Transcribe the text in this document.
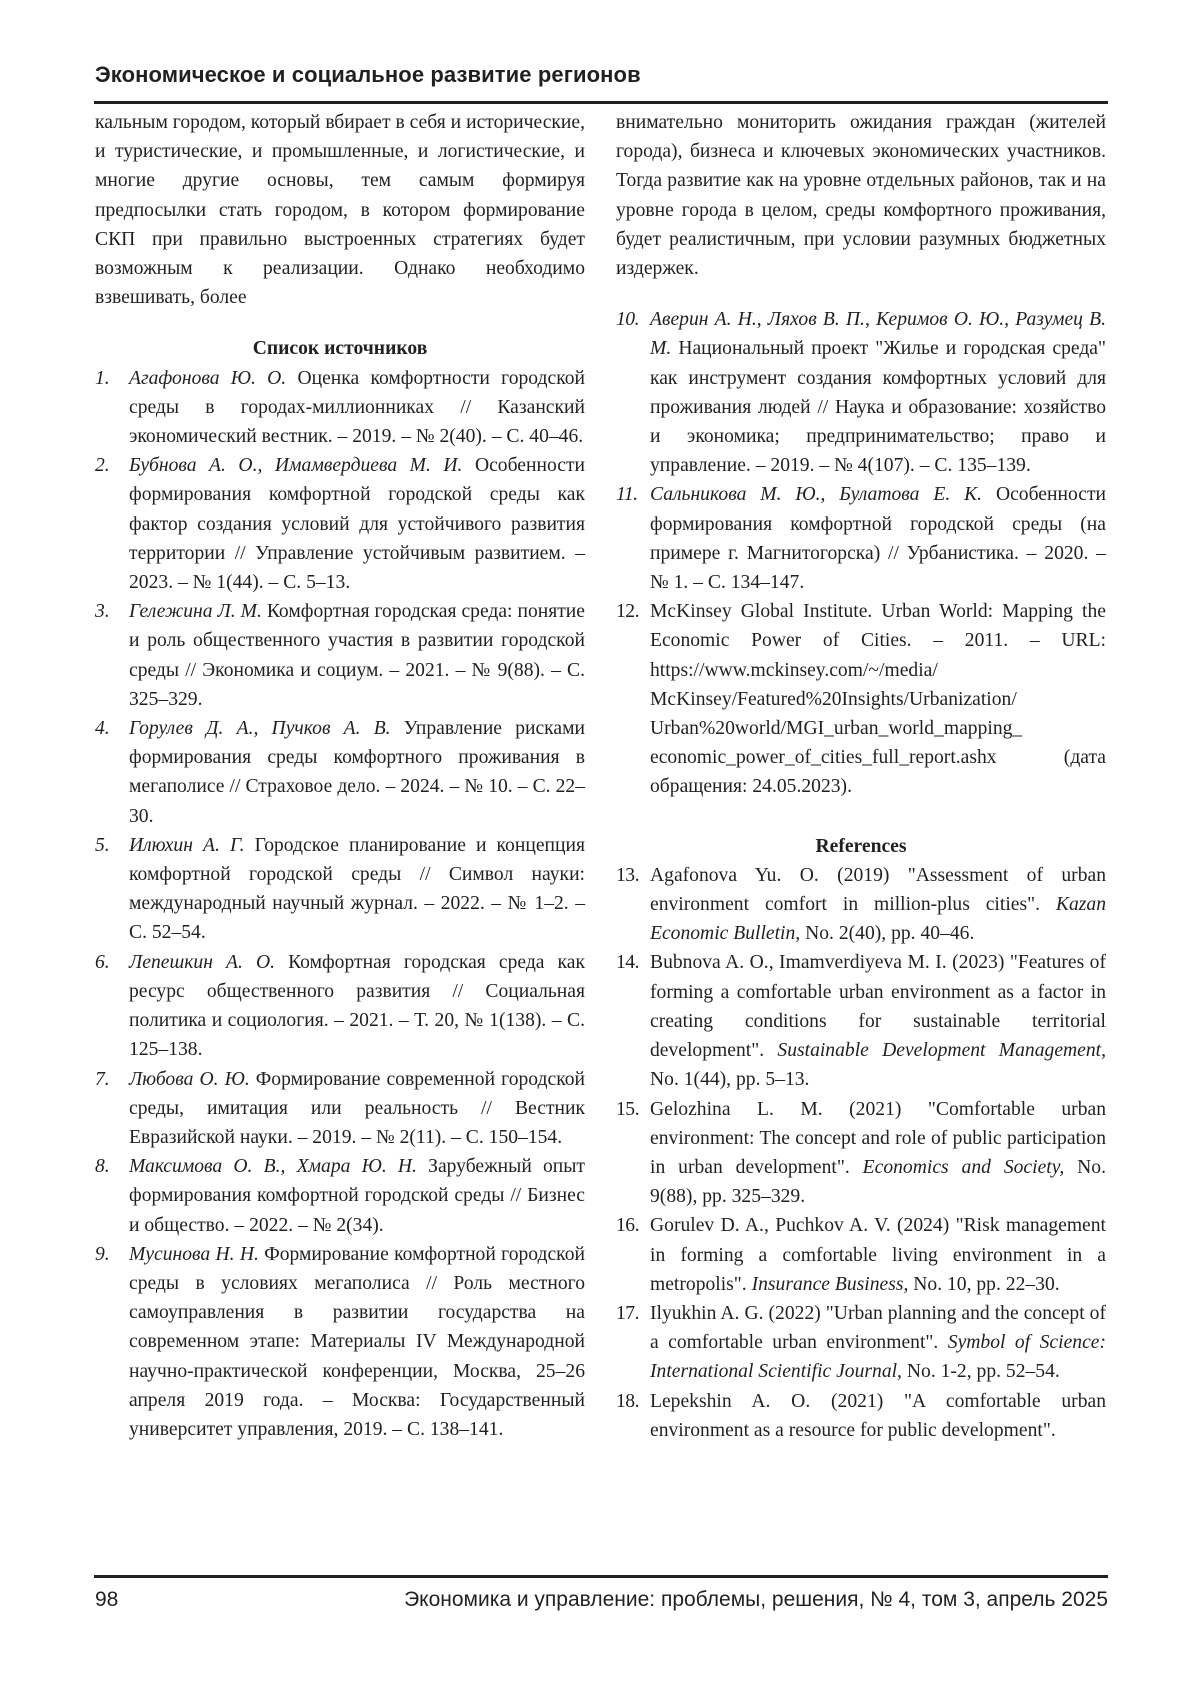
Экономическое и социальное развитие регионов

кальным городом, который вбирает в себя и исторические, и туристические, и промышленные, и логистические, и многие другие основы, тем самым формируя предпосылки стать городом, в котором формирование СКП при правильно выстроенных стратегиях будет возможным к реализации. Однако необходимо взвешивать, более

Список источников
1. Агафонова Ю. О. Оценка комфортности городской среды в городах-миллионниках // Казанский экономический вестник. – 2019. – № 2(40). – С. 40–46.
2. Бубнова А. О., Имамвердиева М. И. Особенности формирования комфортной городской среды как фактор создания условий для устойчивого развития территории // Управление устойчивым развитием. – 2023. – № 1(44). – С. 5–13.
3. Гележина Л. М. Комфортная городская среда: понятие и роль общественного участия в развитии городской среды // Экономика и социум. – 2021. – № 9(88). – С. 325–329.
4. Горулев Д. А., Пучков А. В. Управление рисками формирования среды комфортного проживания в мегаполисе // Страховое дело. – 2024. – № 10. – С. 22–30.
5. Илюхин А. Г. Городское планирование и концепция комфортной городской среды // Символ науки: международный научный журнал. – 2022. – № 1–2. – С. 52–54.
6. Лепешкин А. О. Комфортная городская среда как ресурс общественного развития // Социальная политика и социология. – 2021. – Т. 20, № 1(138). – С. 125–138.
7. Любова О. Ю. Формирование современной городской среды, имитация или реальность // Вестник Евразийской науки. – 2019. – № 2(11). – С. 150–154.
8. Максимова О. В., Хмара Ю. Н. Зарубежный опыт формирования комфортной городской среды // Бизнес и общество. – 2022. – № 2(34).
9. Мусинова Н. Н. Формирование комфортной городской среды в условиях мегаполиса // Роль местного самоуправления в развитии государства на современном этапе: Материалы IV Международной научно-практической конференции, Москва, 25–26 апреля 2019 года. – Москва: Государственный университет управления, 2019. – С. 138–141.

внимательно мониторить ожидания граждан (жителей города), бизнеса и ключевых экономических участников. Тогда развитие как на уровне отдельных районов, так и на уровне города в целом, среды комфортного проживания, будет реалистичным, при условии разумных бюджетных издержек.

10. Аверин А. Н., Ляхов В. П., Керимов О. Ю., Разумец В. М. Национальный проект "Жилье и городская среда" как инструмент создания комфортных условий для проживания людей // Наука и образование: хозяйство и экономика; предпринимательство; право и управление. – 2019. – № 4(107). – С. 135–139.
11. Сальникова М. Ю., Булатова Е. К. Особенности формирования комфортной городской среды (на примере г. Магнитогорска) // Урбанистика. – 2020. – № 1. – С. 134–147.
12. McKinsey Global Institute. Urban World: Mapping the Economic Power of Cities. – 2011. – URL: https://www.mckinsey.com/~/media/ McKinsey/Featured%20Insights/Urbanization/ Urban%20world/MGI_urban_world_mapping_ economic_power_of_cities_full_report.ashx (дата обращения: 24.05.2023).
References
13. Agafonova Yu. O. (2019) "Assessment of urban environment comfort in million-plus cities". Kazan Economic Bulletin, No. 2(40), pp. 40–46.
14. Bubnova A. O., Imamverdiyeva M. I. (2023) "Features of forming a comfortable urban environment as a factor in creating conditions for sustainable territorial development". Sustainable Development Management, No. 1(44), pp. 5–13.
15. Gelozhina L. M. (2021) "Comfortable urban environment: The concept and role of public participation in urban development". Economics and Society, No. 9(88), pp. 325–329.
16. Gorulev D. A., Puchkov A. V. (2024) "Risk management in forming a comfortable living environment in a metropolis". Insurance Business, No. 10, pp. 22–30.
17. Ilyukhin A. G. (2022) "Urban planning and the concept of a comfortable urban environment". Symbol of Science: International Scientific Journal, No. 1-2, pp. 52–54.
18. Lepekshin A. O. (2021) "A comfortable urban environment as a resource for public development".
98	Экономика и управление: проблемы, решения, № 4, том 3, апрель 2025
